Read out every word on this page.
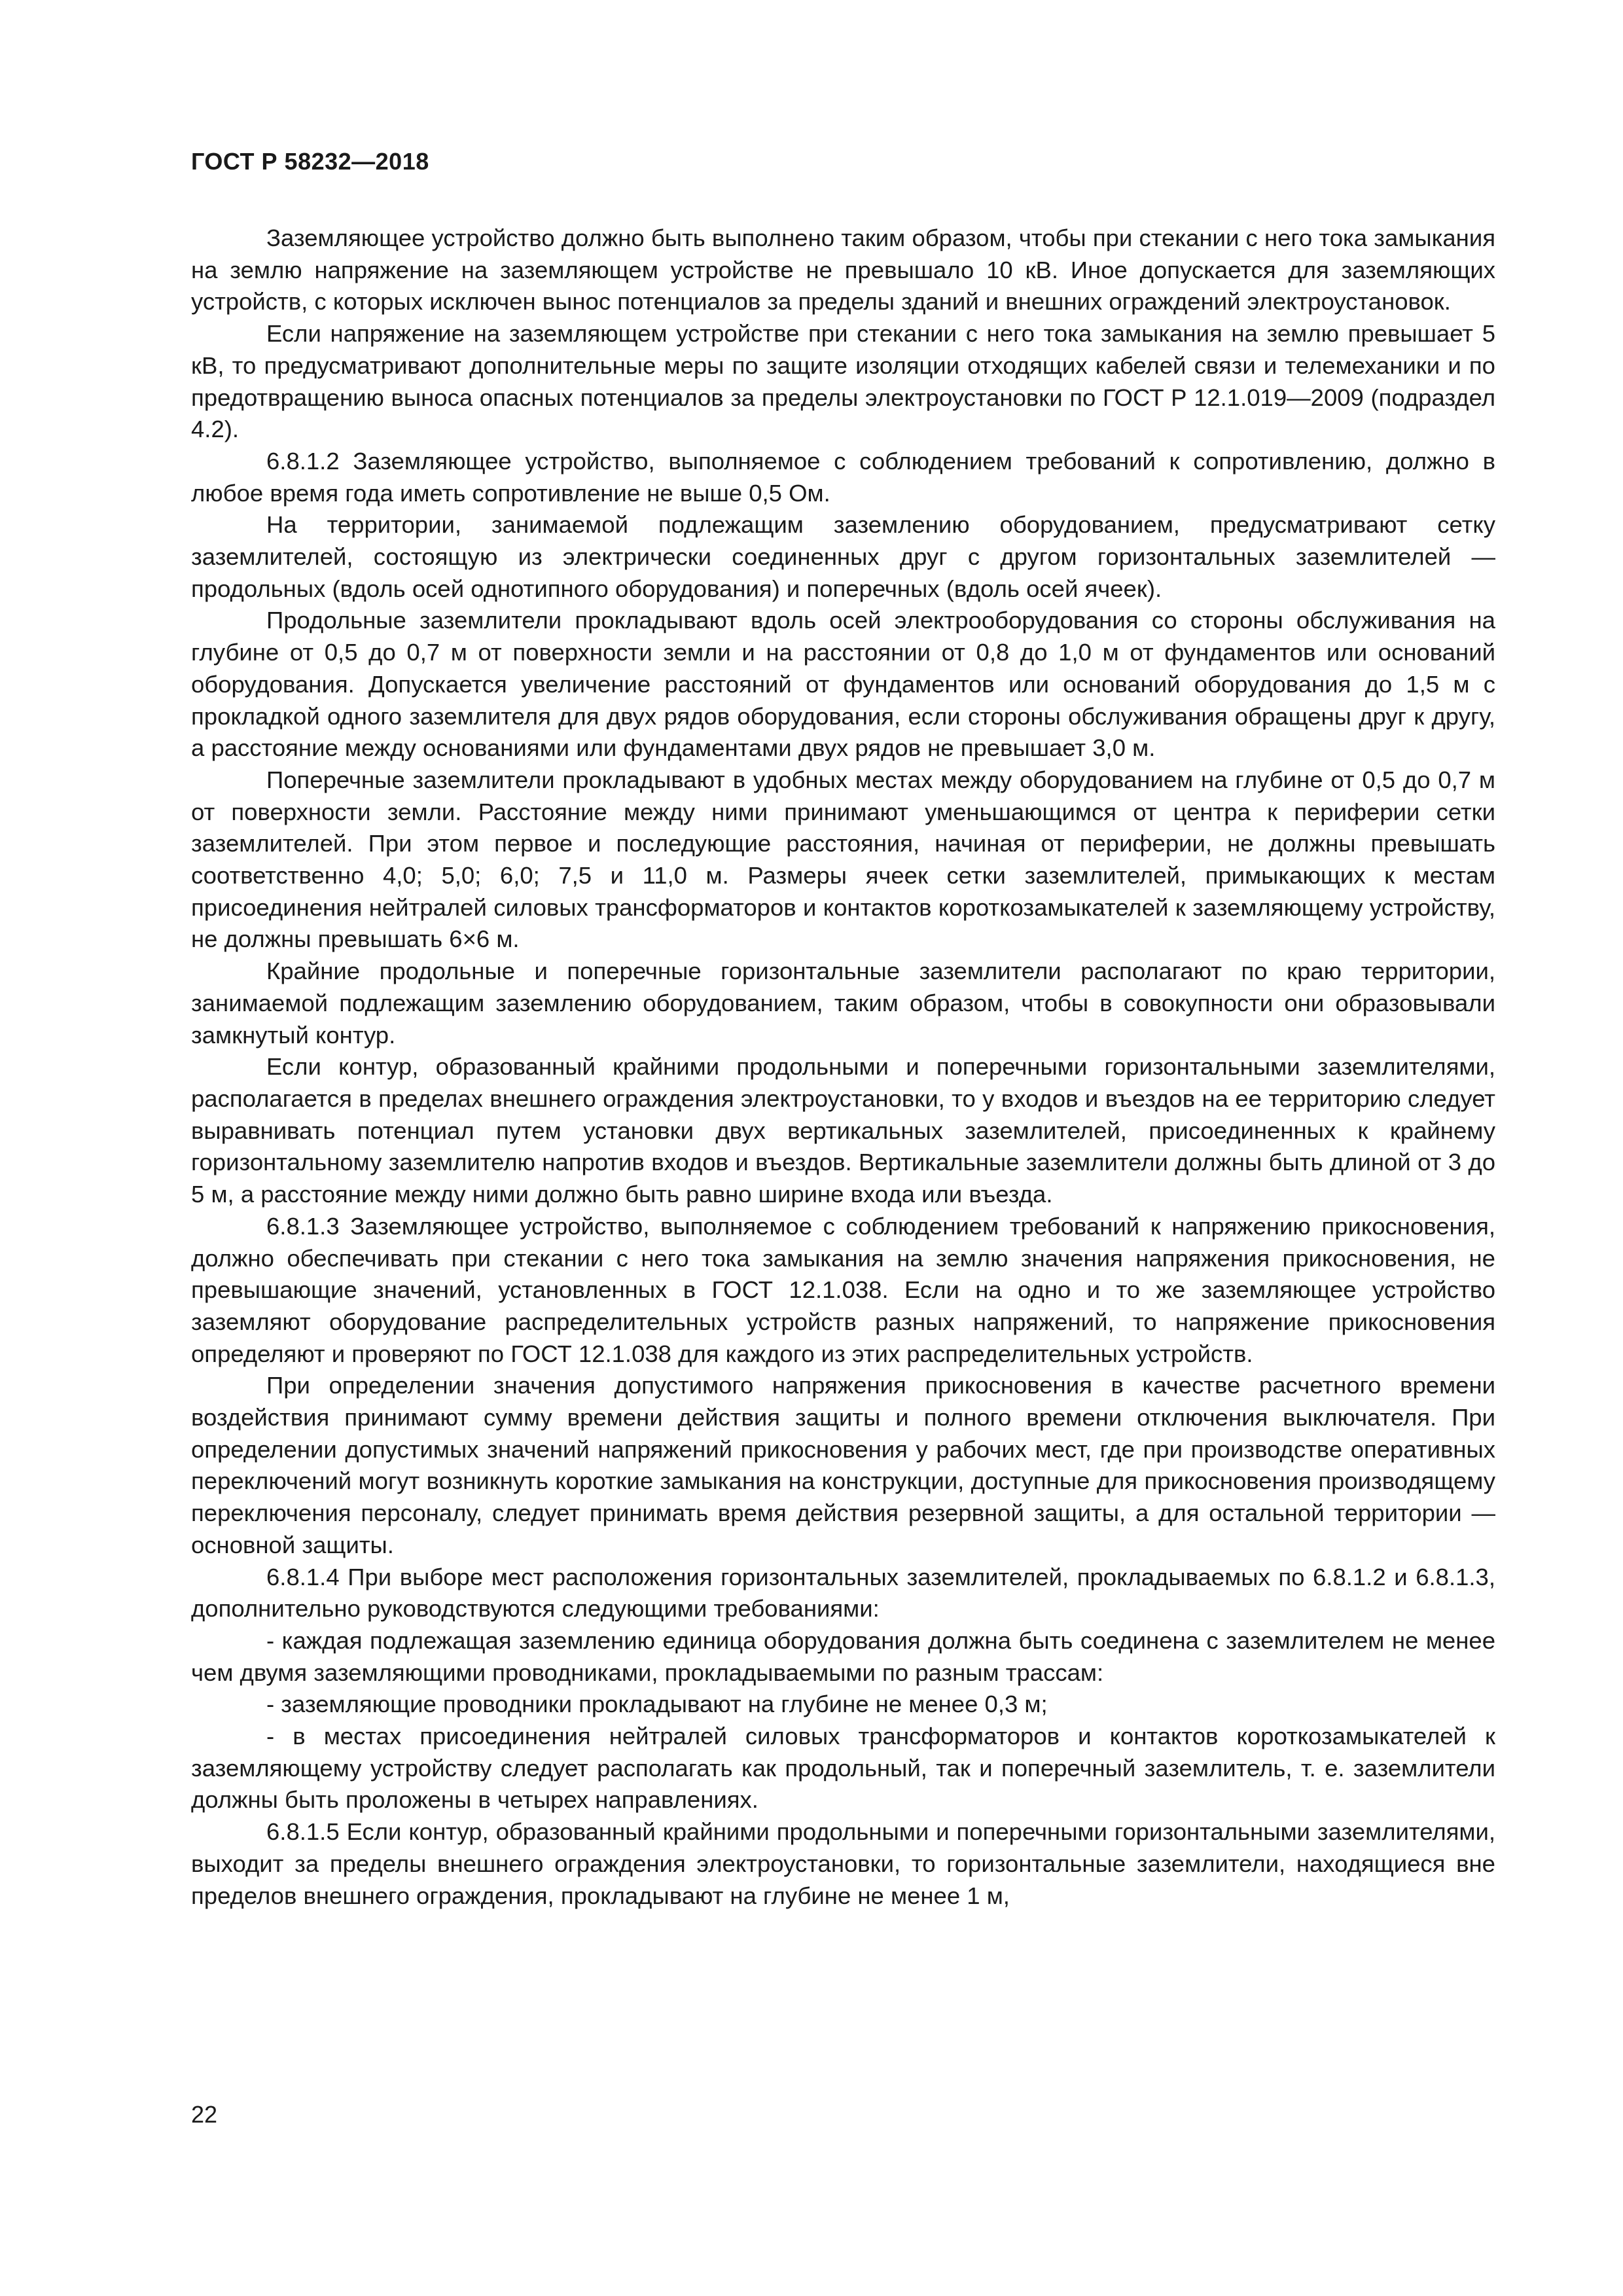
ГОСТ Р 58232—2018

Заземляющее устройство должно быть выполнено таким образом, чтобы при стекании с него тока замыкания на землю напряжение на заземляющем устройстве не превышало 10 кВ. Иное допускается для заземляющих устройств, с которых исключен вынос потенциалов за пределы зданий и внешних ограждений электроустановок.

Если напряжение на заземляющем устройстве при стекании с него тока замыкания на землю превышает 5 кВ, то предусматривают дополнительные меры по защите изоляции отходящих кабелей связи и телемеханики и по предотвращению выноса опасных потенциалов за пределы электроустановки по ГОСТ Р 12.1.019—2009 (подраздел 4.2).

6.8.1.2 Заземляющее устройство, выполняемое с соблюдением требований к сопротивлению, должно в любое время года иметь сопротивление не выше 0,5 Ом.

На территории, занимаемой подлежащим заземлению оборудованием, предусматривают сетку заземлителей, состоящую из электрически соединенных друг с другом горизонтальных заземлителей — продольных (вдоль осей однотипного оборудования) и поперечных (вдоль осей ячеек).

Продольные заземлители прокладывают вдоль осей электрооборудования со стороны обслуживания на глубине от 0,5 до 0,7 м от поверхности земли и на расстоянии от 0,8 до 1,0 м от фундаментов или оснований оборудования. Допускается увеличение расстояний от фундаментов или оснований оборудования до 1,5 м с прокладкой одного заземлителя для двух рядов оборудования, если стороны обслуживания обращены друг к другу, а расстояние между основаниями или фундаментами двух рядов не превышает 3,0 м.

Поперечные заземлители прокладывают в удобных местах между оборудованием на глубине от 0,5 до 0,7 м от поверхности земли. Расстояние между ними принимают уменьшающимся от центра к периферии сетки заземлителей. При этом первое и последующие расстояния, начиная от периферии, не должны превышать соответственно 4,0; 5,0; 6,0; 7,5 и 11,0 м. Размеры ячеек сетки заземлителей, примыкающих к местам присоединения нейтралей силовых трансформаторов и контактов короткозамыкателей к заземляющему устройству, не должны превышать 6×6 м.

Крайние продольные и поперечные горизонтальные заземлители располагают по краю территории, занимаемой подлежащим заземлению оборудованием, таким образом, чтобы в совокупности они образовывали замкнутый контур.

Если контур, образованный крайними продольными и поперечными горизонтальными заземлителями, располагается в пределах внешнего ограждения электроустановки, то у входов и въездов на ее территорию следует выравнивать потенциал путем установки двух вертикальных заземлителей, присоединенных к крайнему горизонтальному заземлителю напротив входов и въездов. Вертикальные заземлители должны быть длиной от 3 до 5 м, а расстояние между ними должно быть равно ширине входа или въезда.

6.8.1.3 Заземляющее устройство, выполняемое с соблюдением требований к напряжению прикосновения, должно обеспечивать при стекании с него тока замыкания на землю значения напряжения прикосновения, не превышающие значений, установленных в ГОСТ 12.1.038. Если на одно и то же заземляющее устройство заземляют оборудование распределительных устройств разных напряжений, то напряжение прикосновения определяют и проверяют по ГОСТ 12.1.038 для каждого из этих распределительных устройств.

При определении значения допустимого напряжения прикосновения в качестве расчетного времени воздействия принимают сумму времени действия защиты и полного времени отключения выключателя. При определении допустимых значений напряжений прикосновения у рабочих мест, где при производстве оперативных переключений могут возникнуть короткие замыкания на конструкции, доступные для прикосновения производящему переключения персоналу, следует принимать время действия резервной защиты, а для остальной территории — основной защиты.

6.8.1.4 При выборе мест расположения горизонтальных заземлителей, прокладываемых по 6.8.1.2 и 6.8.1.3, дополнительно руководствуются следующими требованиями:

- каждая подлежащая заземлению единица оборудования должна быть соединена с заземлителем не менее чем двумя заземляющими проводниками, прокладываемыми по разным трассам:

- заземляющие проводники прокладывают на глубине не менее 0,3 м;

- в местах присоединения нейтралей силовых трансформаторов и контактов короткозамыкателей к заземляющему устройству следует располагать как продольный, так и поперечный заземлитель, т. е. заземлители должны быть проложены в четырех направлениях.

6.8.1.5 Если контур, образованный крайними продольными и поперечными горизонтальными заземлителями, выходит за пределы внешнего ограждения электроустановки, то горизонтальные заземлители, находящиеся вне пределов внешнего ограждения, прокладывают на глубине не менее 1 м,

22
